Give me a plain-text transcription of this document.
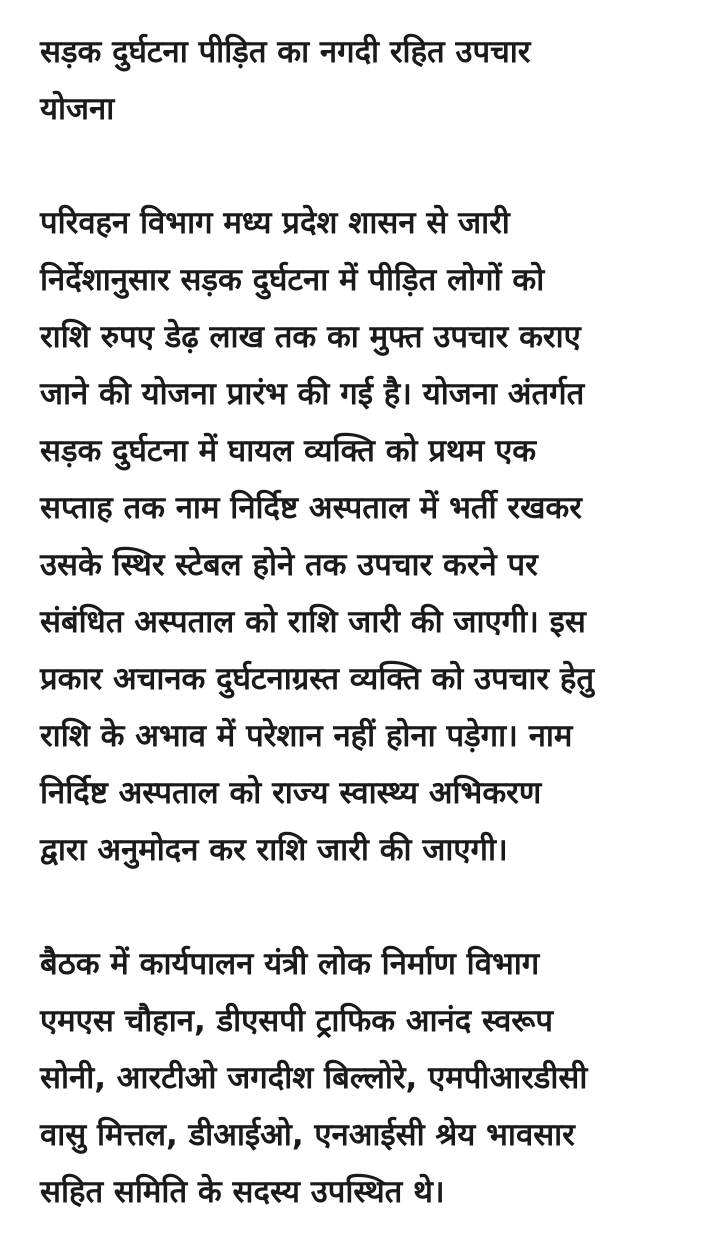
सड़क दुर्घटना पीड़ित का नगदी रहित उपचार
योजना
परिवहन विभाग मध्य प्रदेश शासन से जारी
निर्देशानुसार सड़क दुर्घटना में पीड़ित लोगों को
राशि रुपए डेढ़ लाख तक का मुफ्त उपचार कराए
जाने की योजना प्रारंभ की गई है। योजना अंतर्गत
सड़क दुर्घटना में घायल व्यक्ति को प्रथम एक
सप्ताह तक नाम निर्दिष्ट अस्पताल में भर्ती रखकर
उसके स्थिर स्टेबल होने तक उपचार करने पर
संबंधित अस्पताल को राशि जारी की जाएगी। इस
प्रकार अचानक दुर्घटनाग्रस्त व्यक्ति को उपचार हेतु
राशि के अभाव में परेशान नहीं होना पड़ेगा। नाम
निर्दिष्ट अस्पताल को राज्य स्वास्थ्य अभिकरण
द्वारा अनुमोदन कर राशि जारी की जाएगी।
बैठक में कार्यपालन यंत्री लोक निर्माण विभाग
एमएस चौहान, डीएसपी ट्राफिक आनंद स्वरूप
सोनी, आरटीओ जगदीश बिल्लोरे, एमपीआरडीसी
वासु मित्तल, डीआईओ, एनआईसी श्रेय भावसार
सहित समिति के सदस्य उपस्थित थे।
